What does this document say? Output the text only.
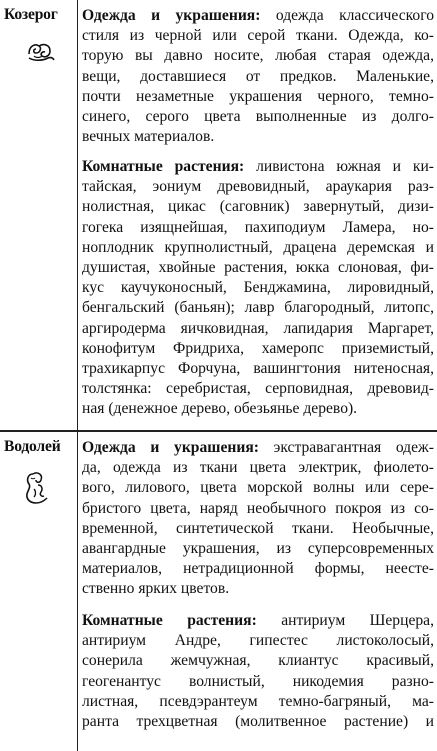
Козерог	Одежда и украшения: одежда классического
стиля из черной или серой ткани. Одежда, ко-
торую вы давно носите, любая старая одежда,
вещи, доставшиеся от предков. Маленькие,
почти незаметные украшения черного, темно-
синего, серого цвета выполненные из долго-
вечных материалов.
Комнатные растения: ливистона южная и ки-
тайская, эониум древовидный, араукария раз-
нолистная, цикас (саговник) завернутый, дизи-
гогека изящнейшая, пахиподиум Ламера, но-
ноплодник крупнолистный, драцена деремская и
душистая, хвойные растения, юкка слоновая, фи-
кус каучуконосный, Бенджамина, лировидный,
бенгальский (баньян); лавр благородный, литопс,
аргиродерма яичковидная, лапидария Маргарет,
конофитум Фридриха, хамеропс приземистый,
трахикарпус Форчуна, вашингтония нитеносная,
толстянка: серебристая, серповидная, древовид-
ная (денежное дерево, обезьянье дерево).
Водолей	Одежда и украшения: экстравагантная одеж-
да, одежда из ткани цвета электрик, фиолето-
вого, лилового, цвета морской волны или сере-
бристого цвета, наряд необычного покроя из со-
временной, синтетической ткани. Необычные,
авангардные украшения, из суперсовременных
материалов, нетрадиционной формы, неесте-
ственно ярких цветов.
Комнатные растения: антириум Шерцера,
антириум Андре, гипестес листоколосый,
сонерила жемчужная, клиантус красивый,
геогенантус волнистый, никодемия разно-
листная, псевдэрантеум темно-багряный, ма-
ранта трехцветная (молитвенное растение) и
